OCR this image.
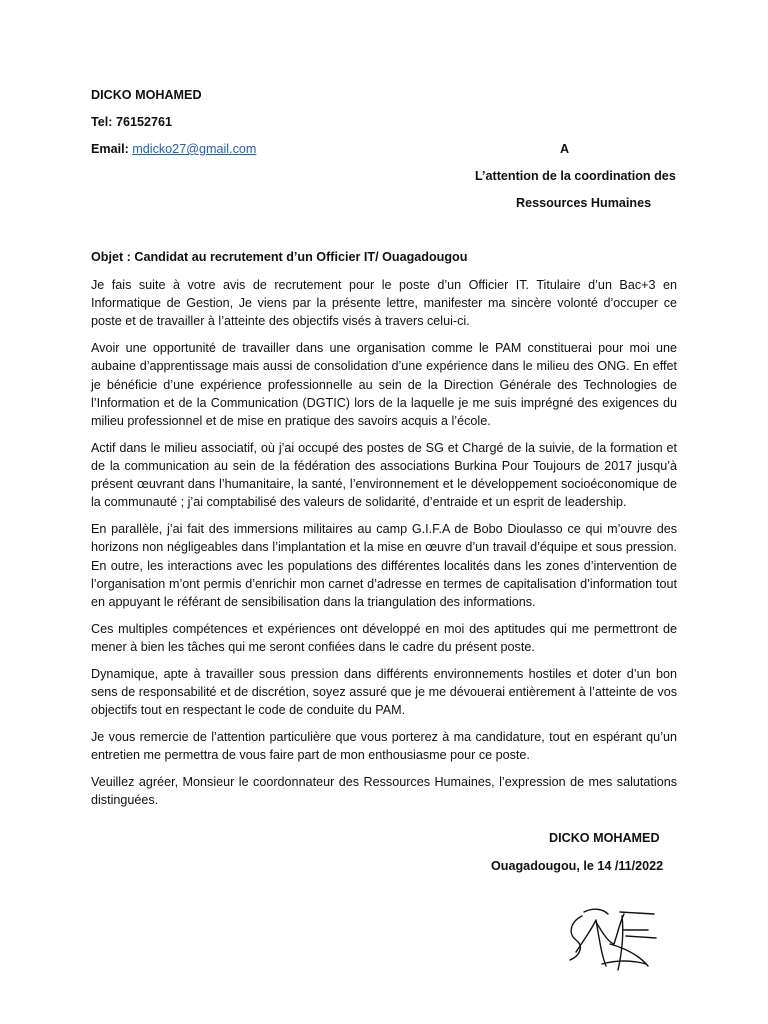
DICKO MOHAMED
Tel: 76152761
Email: mdicko27@gmail.com	A
L’attention de la coordination des
Ressources Humaines
Objet : Candidat au recrutement d’un Officier IT/ Ouagadougou

Je fais suite à votre avis de recrutement pour le poste d’un Officier IT. Titulaire d’un Bac+3 en Informatique de Gestion, Je viens par la présente lettre, manifester ma sincère volonté d’occuper ce poste et de travailler à l’atteinte des objectifs visés à travers celui-ci.

Avoir une opportunité de travailler dans une organisation comme le PAM constituerai pour moi une aubaine d’apprentissage mais aussi de consolidation d’une expérience dans le milieu des ONG. En effet je bénéficie d’une expérience professionnelle au sein de la Direction Générale des Technologies de l’Information et de la Communication (DGTIC) lors de la laquelle je me suis imprégné des exigences du milieu professionnel et de mise en pratique des savoirs acquis a l’école.

Actif dans le milieu associatif, où j’ai occupé des postes de SG et Chargé de la suivie, de la formation et de la communication au sein de la fédération des associations Burkina Pour Toujours de 2017 jusqu’à présent œuvrant dans l’humanitaire, la santé, l’environnement et le développement socioéconomique de la communauté ; j’ai comptabilisé des valeurs de solidarité, d’entraide et un esprit de leadership.

En parallèle, j’ai fait des immersions militaires au camp G.I.F.A de Bobo Dioulasso ce qui m’ouvre des horizons non négligeables dans l’implantation et la mise en œuvre d’un travail d’équipe et sous pression. En outre, les interactions avec les populations des différentes localités dans les zones d’intervention de l’organisation m’ont permis d’enrichir mon carnet d’adresse en termes de capitalisation d’information tout en appuyant le référant de sensibilisation dans la triangulation des informations.

Ces multiples compétences et expériences ont développé en moi des aptitudes qui me permettront de mener à bien les tâches qui me seront confiées dans le cadre du présent poste.

Dynamique, apte à travailler sous pression dans différents environnements hostiles et doter d’un bon sens de responsabilité et de discrétion, soyez assuré que je me dévouerai entièrement à l’atteinte de vos objectifs tout en respectant le code de conduite du PAM.

Je vous remercie de l’attention particulière que vous porterez à ma candidature, tout en espérant qu’un entretien me permettra de vous faire part de mon enthousiasme pour ce poste.

Veuillez agréer, Monsieur le coordonnateur des Ressources Humaines, l’expression de mes salutations distinguées.

DICKO MOHAMED
Ouagadougou, le 14 /11/2022
